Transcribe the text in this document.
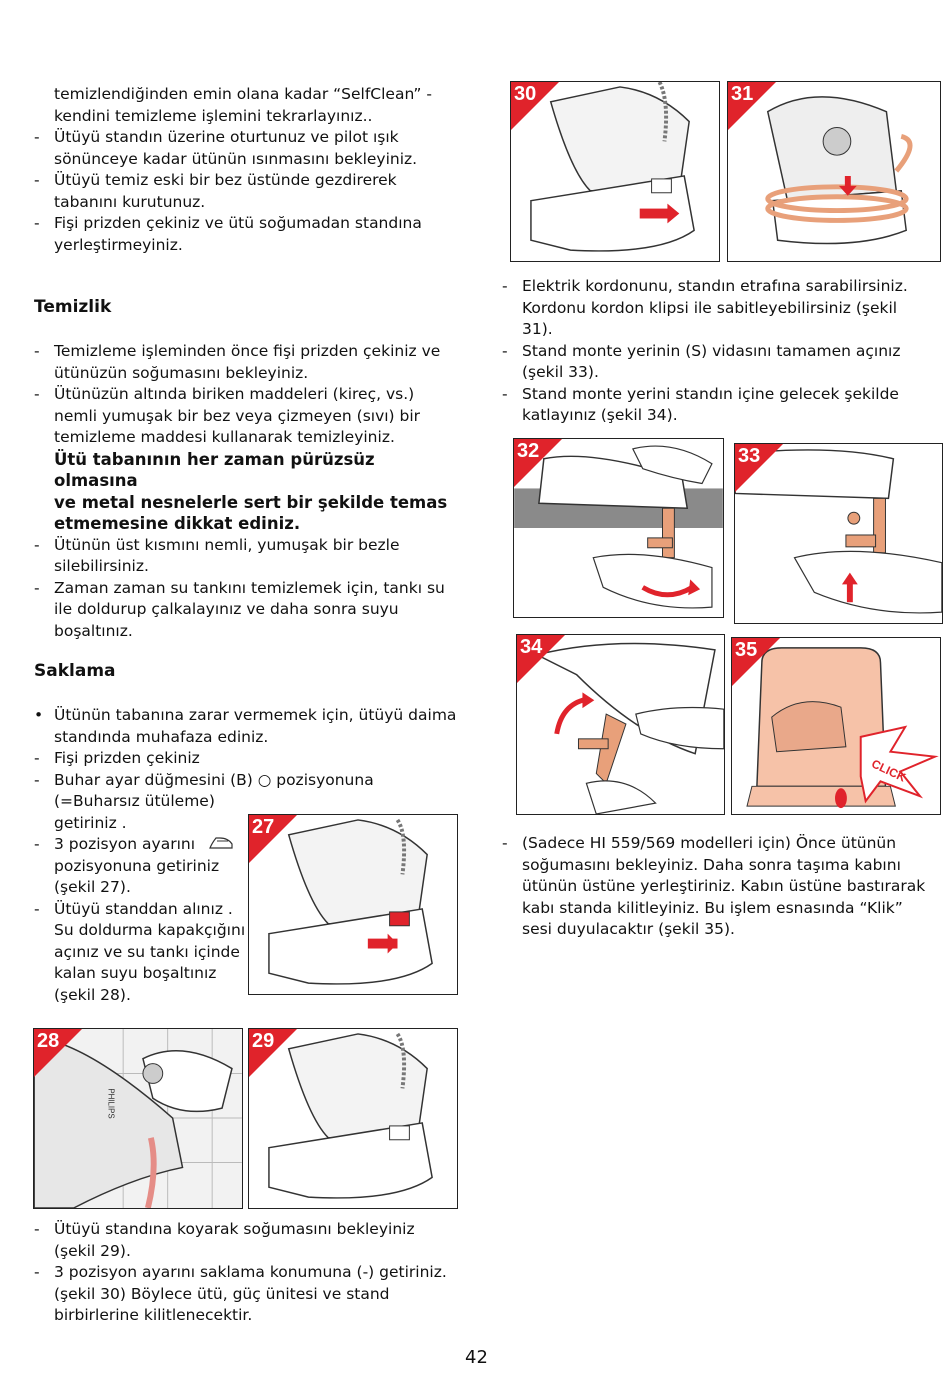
temizlendiğinden emin olana kadar “SelfClean” -
kendini temizleme işlemini tekrarlayınız..
- Ütüyü standın üzerine oturtunuz ve pilot ışık
sönünceye kadar ütünün ısınmasını bekleyiniz.
- Ütüyü temiz eski bir bez üstünde gezdirerek
tabanını kurutunuz.
- Fişi prizden çekiniz ve ütü soğumadan standına
yerleştirmeyiniz.
Temizlik
- Temizleme işleminden önce fişi prizden çekiniz ve
ütünüzün soğumasını bekleyiniz.
- Ütünüzün altında biriken maddeleri (kireç, vs.)
nemli yumuşak bir bez veya çizmeyen (sıvı) bir
temizleme maddesi kullanarak temizleyiniz.
Ütü tabanının her zaman pürüzsüz olmasına
ve metal nesnelerle sert bir şekilde temas
etmemesine dikkat ediniz.
- Ütünün üst kısmını nemli, yumuşak bir bezle
silebilirsiniz.
- Zaman zaman su tankını temizlemek için, tankı su
ile doldurup çalkalayınız ve daha sonra suyu
boşaltınız.
Saklama
• Ütünün tabanına zarar vermemek için, ütüyü daima
standında muhafaza ediniz.
- Fişi prizden çekiniz
- Buhar ayar düğmesini (B) ○ pozisyonuna
(=Buharsız ütüleme)
getiriniz .
- 3 pozisyon ayarını
pozisyonuna getiriniz
(şekil 27).
- Ütüyü standdan alınız .
Su doldurma kapakçığını
açınız ve su tankı içinde
kalan suyu boşaltınız
(şekil 28).
27
PHILIPS
28	29
- Ütüyü standına koyarak soğumasını bekleyiniz
(şekil 29).
- 3 pozisyon ayarını saklama konumuna (-) getiriniz.
(şekil 30) Böylece ütü, güç ünitesi ve stand
birbirlerine kilitlenecektir.
30	31
- Elektrik kordonunu, standın etrafına sarabilirsiniz.
Kordonu kordon klipsi ile sabitleyebilirsiniz (şekil
31).
- Stand monte yerinin (S) vidasını tamamen açınız
(şekil 33).
- Stand monte yerini standın içine gelecek şekilde
katlayınız (şekil 34).
32	33
34
CLICK
35
- (Sadece HI 559/569 modelleri için) Önce ütünün
soğumasını bekleyiniz. Daha sonra taşıma kabını
ütünün üstüne yerleştiriniz. Kabın üstüne bastırarak
kabı standa kilitleyiniz. Bu işlem esnasında “Klik”
sesi duyulacaktır (şekil 35).
42
